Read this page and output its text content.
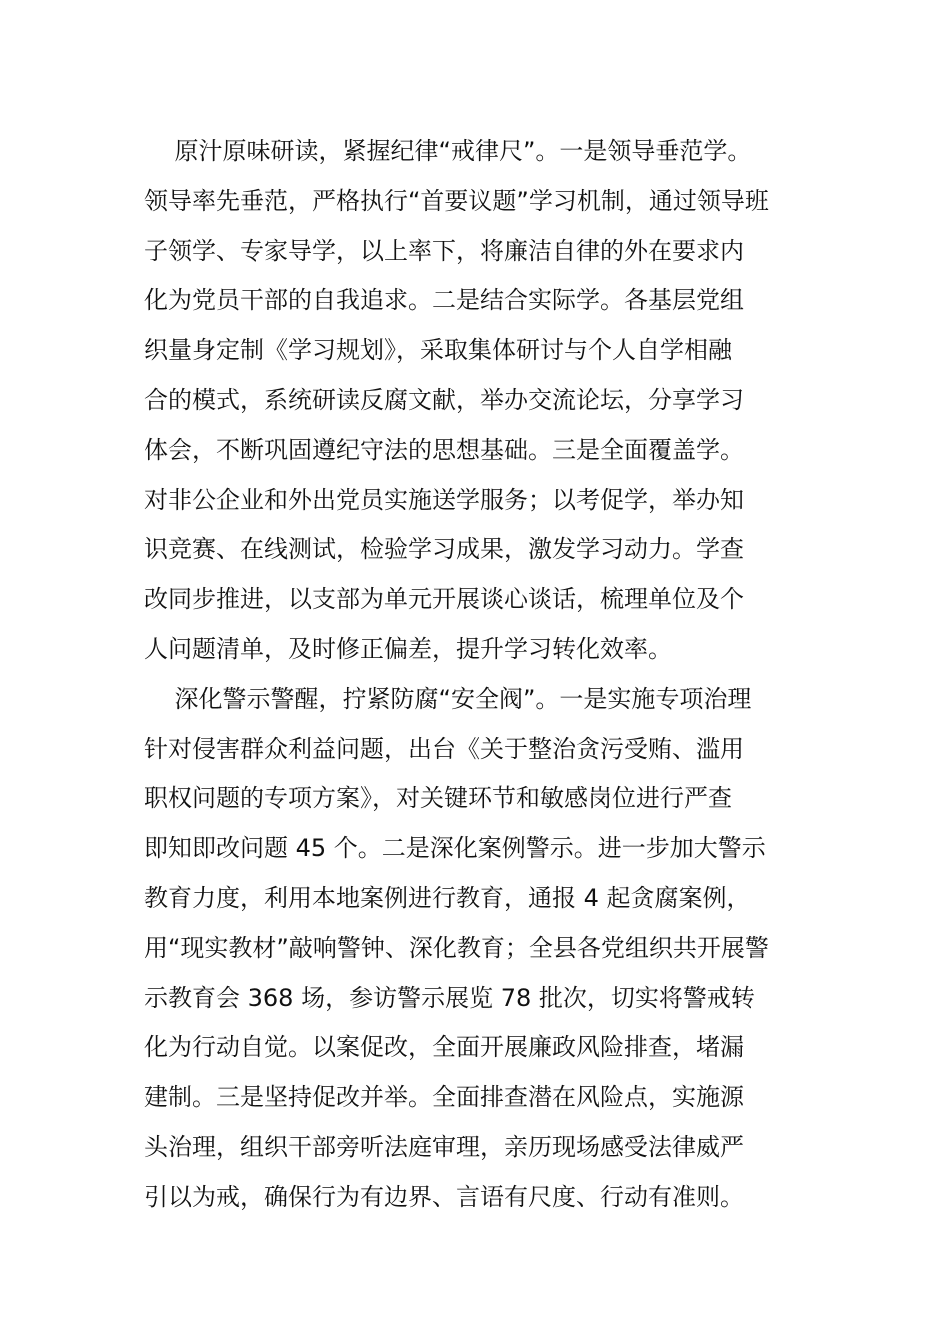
原汁原味研读，紧握纪律“戒律尺”。一是领导垂范学。
领导率先垂范，严格执行“首要议题”学习机制，通过领导班
子领学、专家导学，以上率下，将廉洁自律的外在要求内
化为党员干部的自我追求。二是结合实际学。各基层党组
织量身定制《学习规划》，采取集体研讨与个人自学相融
合的模式，系统研读反腐文献，举办交流论坛，分享学习
体会，不断巩固遵纪守法的思想基础。三是全面覆盖学。
对非公企业和外出党员实施送学服务；以考促学，举办知
识竞赛、在线测试，检验学习成果，激发学习动力。学查
改同步推进，以支部为单元开展谈心谈话，梳理单位及个
人问题清单，及时修正偏差，提升学习转化效率。
深化警示警醒，拧紧防腐“安全阀”。一是实施专项治理
针对侵害群众利益问题，出台《关于整治贪污受贿、滥用
职权问题的专项方案》，对关键环节和敏感岗位进行严查
即知即改问题 45 个。二是深化案例警示。进一步加大警示
教育力度，利用本地案例进行教育，通报 4 起贪腐案例，
用“现实教材”敲响警钟、深化教育；全县各党组织共开展警
示教育会 368 场，参访警示展览 78 批次，切实将警戒转
化为行动自觉。以案促改，全面开展廉政风险排查，堵漏
建制。三是坚持促改并举。全面排查潜在风险点，实施源
头治理，组织干部旁听法庭审理，亲历现场感受法律威严
引以为戒，确保行为有边界、言语有尺度、行动有准则。
